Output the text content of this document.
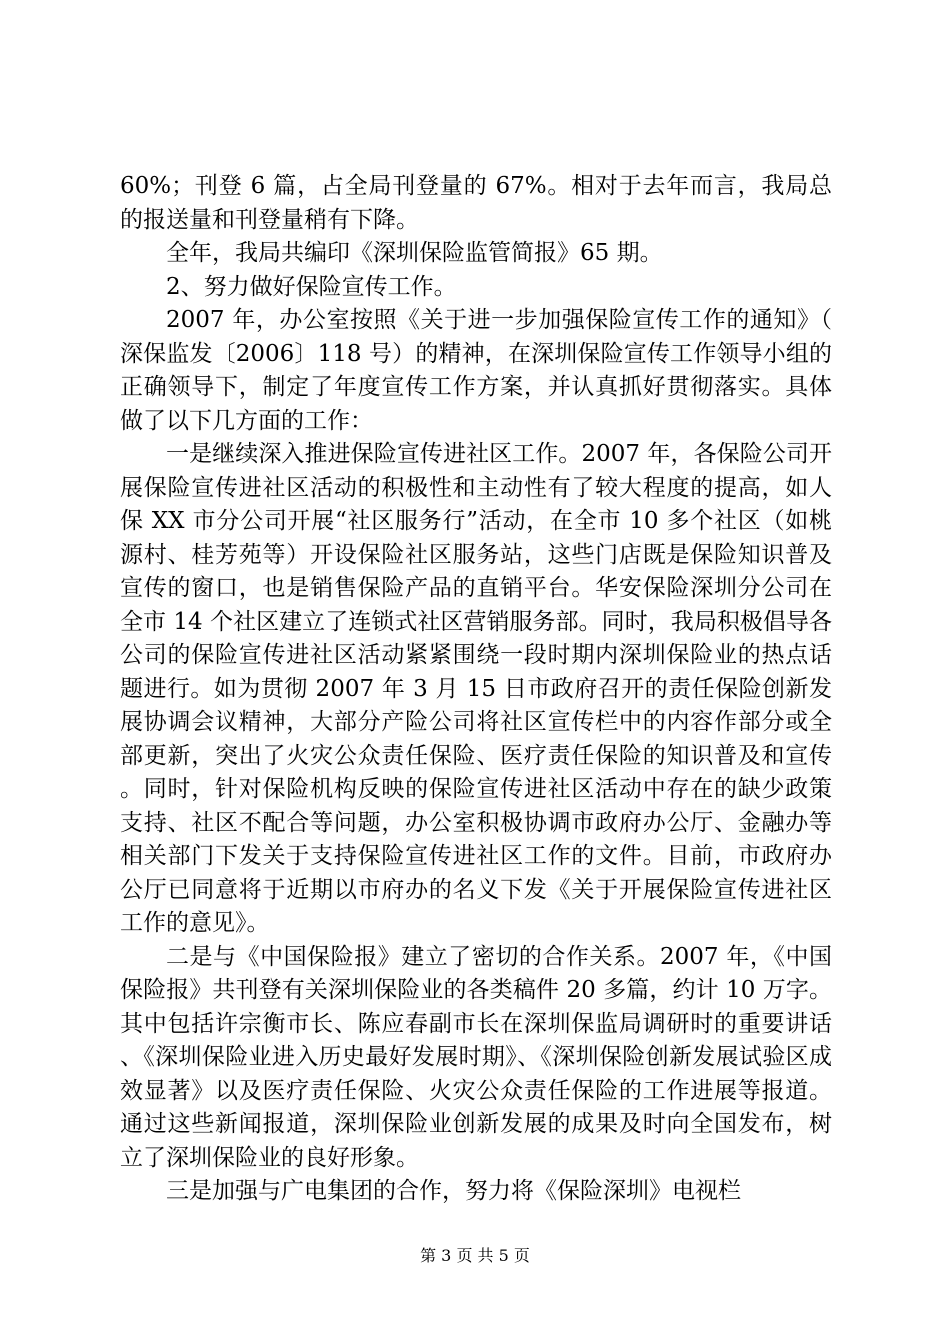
60%；刊登 6 篇，占全局刊登量的 67%。相对于去年而言，我局总的报送量和刊登量稍有下降。

全年，我局共编印《深圳保险监管简报》65 期。

2、努力做好保险宣传工作。

2007 年，办公室按照《关于进一步加强保险宣传工作的通知》（深保监发〔2006〕118 号）的精神，在深圳保险宣传工作领导小组的正确领导下，制定了年度宣传工作方案，并认真抓好贯彻落实。具体做了以下几方面的工作：

一是继续深入推进保险宣传进社区工作。2007 年，各保险公司开展保险宣传进社区活动的积极性和主动性有了较大程度的提高，如人保 XX 市分公司开展“社区服务行”活动，在全市 10 多个社区（如桃源村、桂芳苑等）开设保险社区服务站，这些门店既是保险知识普及宣传的窗口，也是销售保险产品的直销平台。华安保险深圳分公司在全市 14 个社区建立了连锁式社区营销服务部。同时，我局积极倡导各公司的保险宣传进社区活动紧紧围绕一段时期内深圳保险业的热点话题进行。如为贯彻 2007 年 3 月 15 日市政府召开的责任保险创新发展协调会议精神，大部分产险公司将社区宣传栏中的内容作部分或全部更新，突出了火灾公众责任保险、医疗责任保险的知识普及和宣传。同时，针对保险机构反映的保险宣传进社区活动中存在的缺少政策支持、社区不配合等问题，办公室积极协调市政府办公厅、金融办等相关部门下发关于支持保险宣传进社区工作的文件。目前，市政府办公厅已同意将于近期以市府办的名义下发《关于开展保险宣传进社区工作的意见》。

二是与《中国保险报》建立了密切的合作关系。2007 年，《中国保险报》共刊登有关深圳保险业的各类稿件 20 多篇，约计 10 万字。其中包括许宗衡市长、陈应春副市长在深圳保监局调研时的重要讲话、《深圳保险业进入历史最好发展时期》、《深圳保险创新发展试验区成效显著》以及医疗责任保险、火灾公众责任保险的工作进展等报道。通过这些新闻报道，深圳保险业创新发展的成果及时向全国发布，树立了深圳保险业的良好形象。

三是加强与广电集团的合作，努力将《保险深圳》电视栏

第 3 页 共 5 页
